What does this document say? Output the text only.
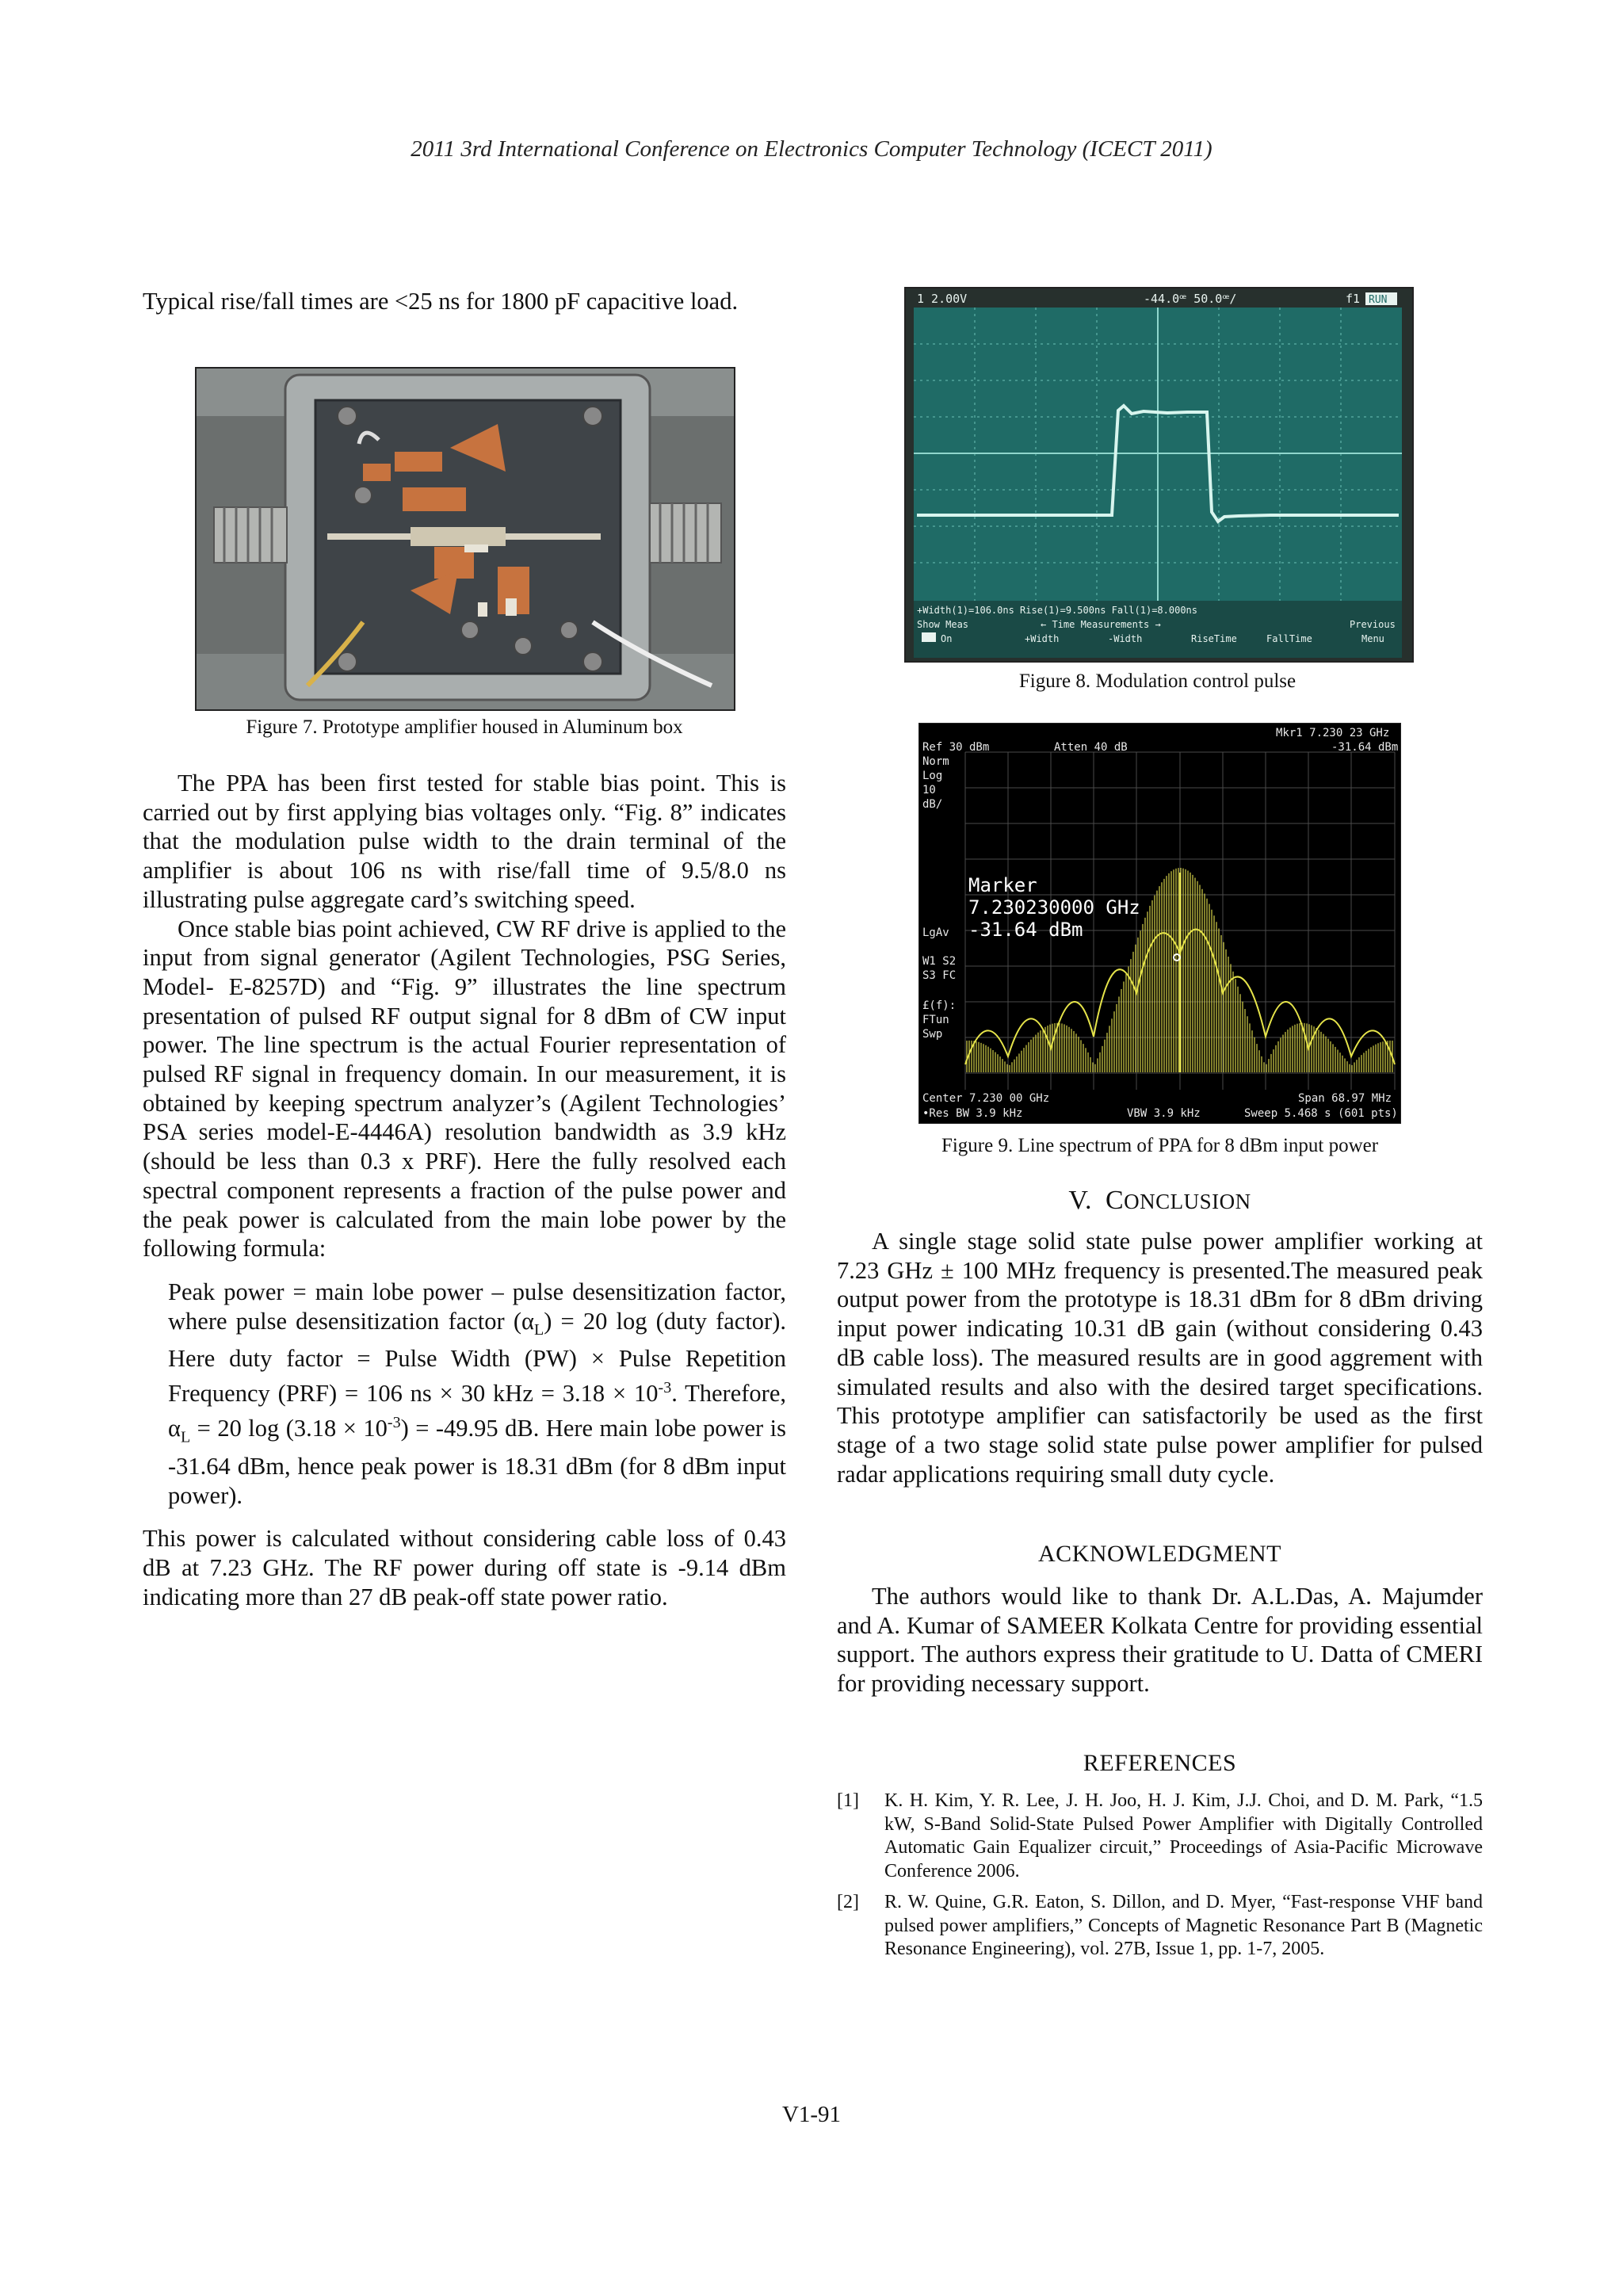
2011 3rd International Conference on Electronics Computer Technology (ICECT 2011)

Typical rise/fall times are <25 ns for 1800 pF capacitive load.

Figure 7. Prototype amplifier housed in Aluminum box

The PPA has been first tested for stable bias point. This is carried out by first applying bias voltages only. “Fig. 8” indicates that the modulation pulse width to the drain terminal of the amplifier is about 106 ns with rise/fall time of 9.5/8.0 ns illustrating pulse aggregate card’s switching speed.

Once stable bias point achieved, CW RF drive is applied to the input from signal generator (Agilent Technologies, PSG Series, Model- E-8257D) and “Fig. 9” illustrates the line spectrum presentation of pulsed RF output signal for 8 dBm of CW input power. The line spectrum is the actual Fourier representation of pulsed RF signal in frequency domain. In our measurement, it is obtained by keeping spectrum analyzer’s (Agilent Technologies’ PSA series model-E-4446A) resolution bandwidth as 3.9 kHz (should be less than 0.3 x PRF). Here the fully resolved each spectral component represents a fraction of the pulse power and the peak power is calculated from the main lobe power by the following formula:

Peak power = main lobe power – pulse desensitization factor, where pulse desensitization factor $(\alpha_L) = 20$ log (duty factor). Here duty factor = Pulse Width (PW) × Pulse Repetition Frequency (PRF) = 106 ns × 30 kHz = $3.18 \times 10^{-3}$. Therefore, $\alpha_L = 20$ $\log (3.18 \times 10^{-3}) = -49.95$ dB. Here main lobe power is -31.64 dBm, hence peak power is 18.31 dBm (for 8 dBm input power).

This power is calculated without considering cable loss of 0.43 dB at 7.23 GHz. The RF power during off state is -9.14 dBm indicating more than 27 dB peak-off state power ratio.

1 2.00V	-44.0ꟹ 50.0ꟹ/	f1 RUN
+Width(1)=106.0ns Rise(1)=9.500ns Fall(1)=8.000ns
Show Meas	← Time Measurements →	Previous
On	+Width	-Width	RiseTime	FallTime	Menu
Figure 8. Modulation control pulse
Ref 30 dBm	Atten 40 dB
Mkr1 7.230 23 GHz
-31.64 dBm
Norm
Log
10
dB/
LgAv
W1 S2
S3 FC
£(f):
FTun
Swp
Center 7.230 00 GHz	Span 68.97 MHz
•Res BW 3.9 kHz	VBW 3.9 kHz	Sweep 5.468 s (601 pts)
Marker
7.230230000 GHz
-31.64 dBm
Figure 9. Line spectrum of PPA for 8 dBm input power
V. CONCLUSION

A single stage solid state pulse power amplifier working at 7.23 GHz ± 100 MHz frequency is presented.The measured peak output power from the prototype is 18.31 dBm for 8 dBm driving input power indicating 10.31 dB gain (without considering 0.43 dB cable loss). The measured results are in good aggrement with simulated results and also with the desired target specifications. This prototype amplifier can satisfactorily be used as the first stage of a two stage solid state pulse power amplifier for pulsed radar applications requiring small duty cycle.

ACKNOWLEDGMENT

The authors would like to thank Dr. A.L.Das, A. Majumder and A. Kumar of SAMEER Kolkata Centre for providing essential support. The authors express their gratitude to U. Datta of CMERI for providing necessary support.

REFERENCES
[1]	K. H. Kim, Y. R. Lee, J. H. Joo, H. J. Kim, J.J. Choi, and D. M. Park, “1.5 kW, S-Band Solid-State Pulsed Power Amplifier with Digitally Controlled Automatic Gain Equalizer circuit,” Proceedings of Asia-Pacific Microwave Conference 2006.
[2]	R. W. Quine, G.R. Eaton, S. Dillon, and D. Myer, “Fast-response VHF band pulsed power amplifiers,” Concepts of Magnetic Resonance Part B (Magnetic Resonance Engineering), vol. 27B, Issue 1, pp. 1-7, 2005.
V1-91
